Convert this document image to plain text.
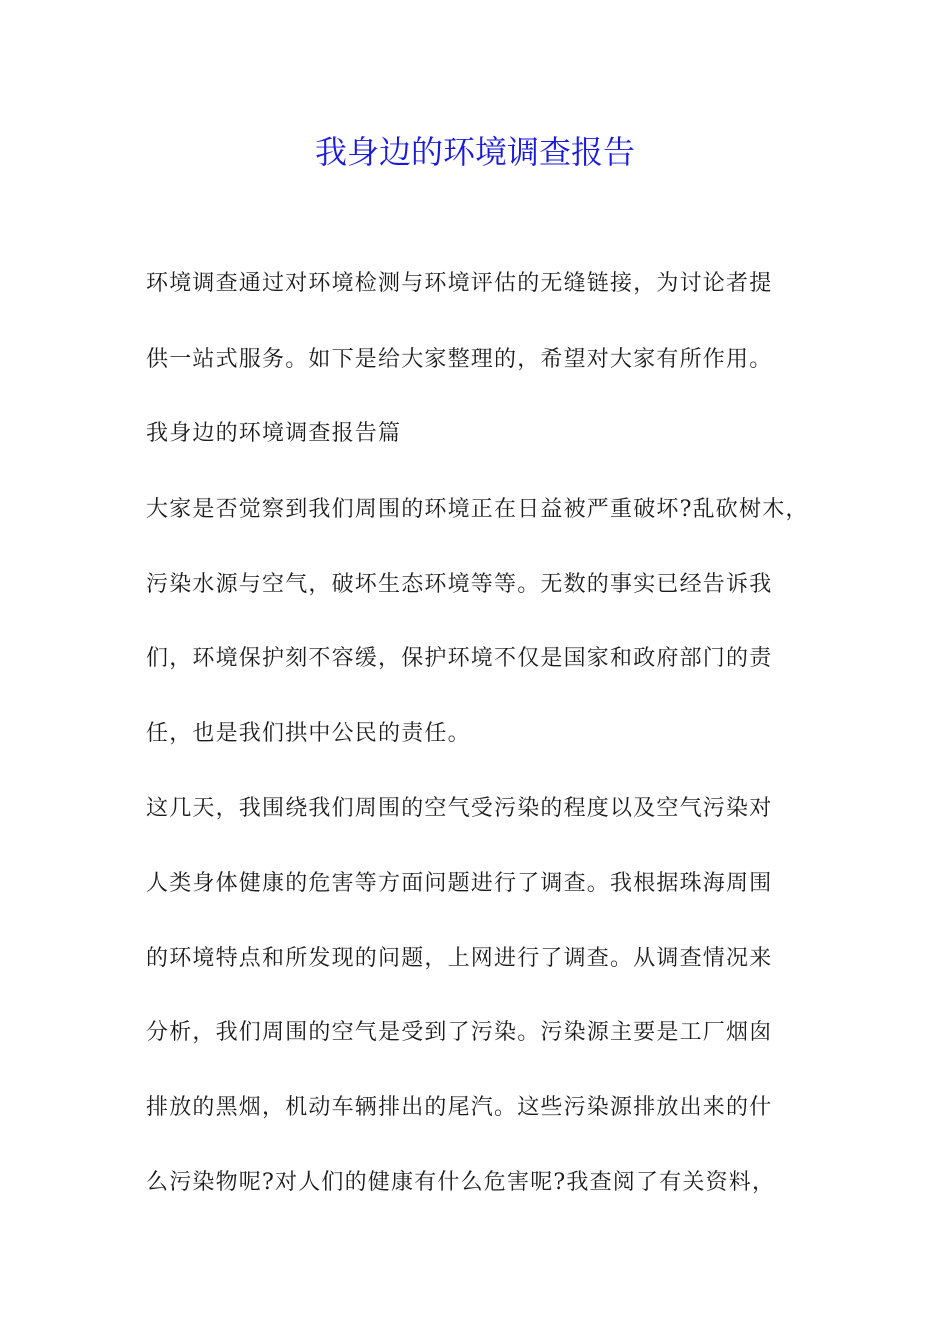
我身边的环境调查报告
环境调查通过对环境检测与环境评估的无缝链接，为讨论者提
供一站式服务。如下是给大家整理的，希望对大家有所作用。
我身边的环境调查报告篇
大家是否觉察到我们周围的环境正在日益被严重破坏?乱砍树木，
污染水源与空气，破坏生态环境等等。无数的事实已经告诉我
们，环境保护刻不容缓，保护环境不仅是国家和政府部门的责
任，也是我们拱中公民的责任。
这几天，我围绕我们周围的空气受污染的程度以及空气污染对
人类身体健康的危害等方面问题进行了调查。我根据珠海周围
的环境特点和所发现的问题，上网进行了调查。从调查情况来
分析，我们周围的空气是受到了污染。污染源主要是工厂烟囱
排放的黑烟，机动车辆排出的尾汽。这些污染源排放出来的什
么污染物呢?对人们的健康有什么危害呢?我查阅了有关资料，
